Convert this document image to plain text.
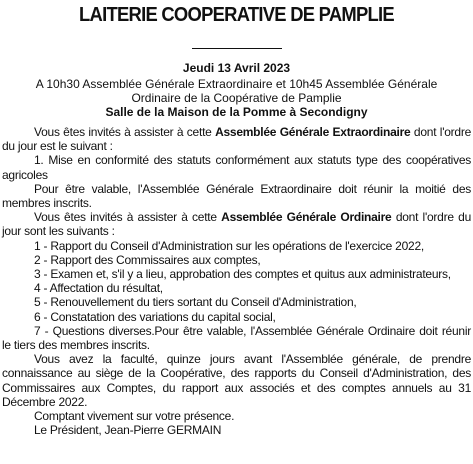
LAITERIE COOPERATIVE DE PAMPLIE

Jeudi 13 Avril 2023

A 10h30 Assemblée Générale Extraordinaire et 10h45 Assemblée Générale Ordinaire de la Coopérative de Pamplie

Salle de la Maison de la Pomme à Secondigny

Vous êtes invités à assister à cette Assemblée Générale Extraordinaire dont l'ordre du jour est le suivant :

1. Mise en conformité des statuts conformément aux statuts type des coopératives agricoles

Pour être valable, l'Assemblée Générale Extraordinaire doit réunir la moitié des membres inscrits.

Vous êtes invités à assister à cette Assemblée Générale Ordinaire dont l'ordre du jour sont les suivants :

1 - Rapport du Conseil d'Administration sur les opérations de l'exercice 2022,

2 - Rapport des Commissaires aux comptes,

3 - Examen et, s'il y a lieu, approbation des comptes et quitus aux administrateurs,

4 - Affectation du résultat,

5 - Renouvellement du tiers sortant du Conseil d'Administration,

6 - Constatation des variations du capital social,

7 - Questions diverses.Pour être valable, l'Assemblée Générale Ordinaire doit réunir le tiers des membres inscrits.

Vous avez la faculté, quinze jours avant l'Assemblée générale, de prendre connaissance au siège de la Coopérative, des rapports du Conseil d'Administration, des Commissaires aux Comptes, du rapport aux associés et des comptes annuels au 31 Décembre 2022.

Comptant vivement sur votre présence.

Le Président, Jean-Pierre GERMAIN
